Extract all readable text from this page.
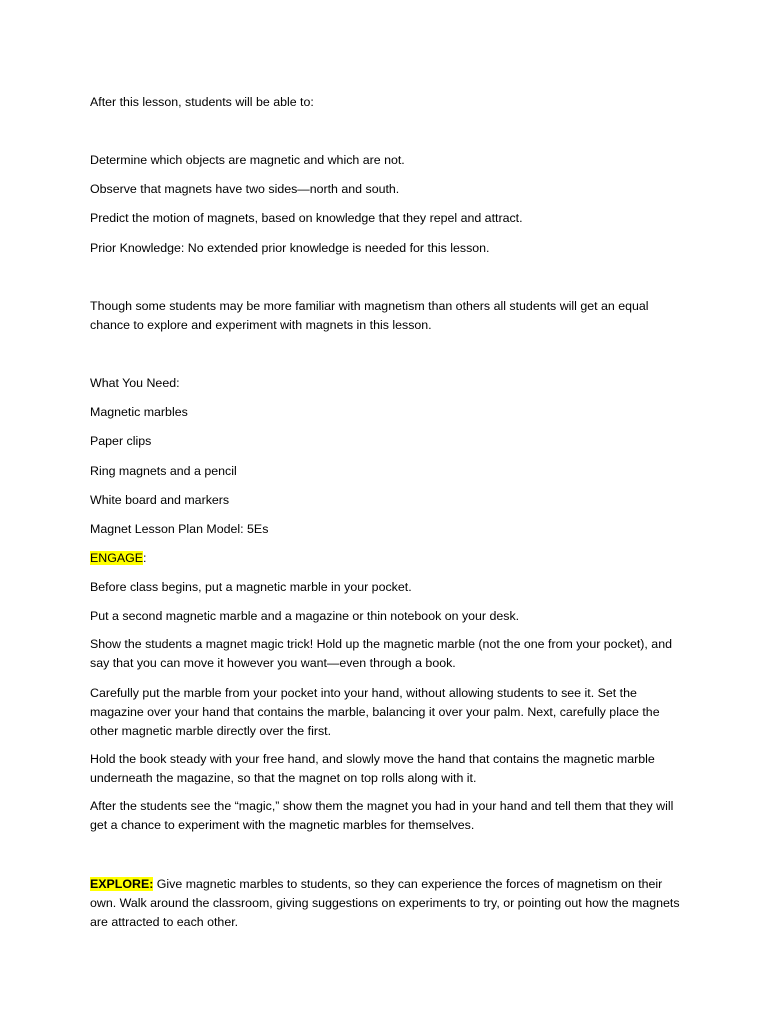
After this lesson, students will be able to:

Determine which objects are magnetic and which are not.

Observe that magnets have two sides—north and south.

Predict the motion of magnets, based on knowledge that they repel and attract.

Prior Knowledge: No extended prior knowledge is needed for this lesson.

Though some students may be more familiar with magnetism than others all students will get an equal chance to explore and experiment with magnets in this lesson.

What You Need:

Magnetic marbles

Paper clips

Ring magnets and a pencil

White board and markers

Magnet Lesson Plan Model: 5Es

ENGAGE:

Before class begins, put a magnetic marble in your pocket.

Put a second magnetic marble and a magazine or thin notebook on your desk.

Show the students a magnet magic trick! Hold up the magnetic marble (not the one from your pocket), and say that you can move it however you want—even through a book.

Carefully put the marble from your pocket into your hand, without allowing students to see it. Set the magazine over your hand that contains the marble, balancing it over your palm. Next, carefully place the other magnetic marble directly over the first.

Hold the book steady with your free hand, and slowly move the hand that contains the magnetic marble underneath the magazine, so that the magnet on top rolls along with it.

After the students see the “magic,” show them the magnet you had in your hand and tell them that they will get a chance to experiment with the magnetic marbles for themselves.

EXPLORE: Give magnetic marbles to students, so they can experience the forces of magnetism on their own. Walk around the classroom, giving suggestions on experiments to try, or pointing out how the magnets are attracted to each other.
